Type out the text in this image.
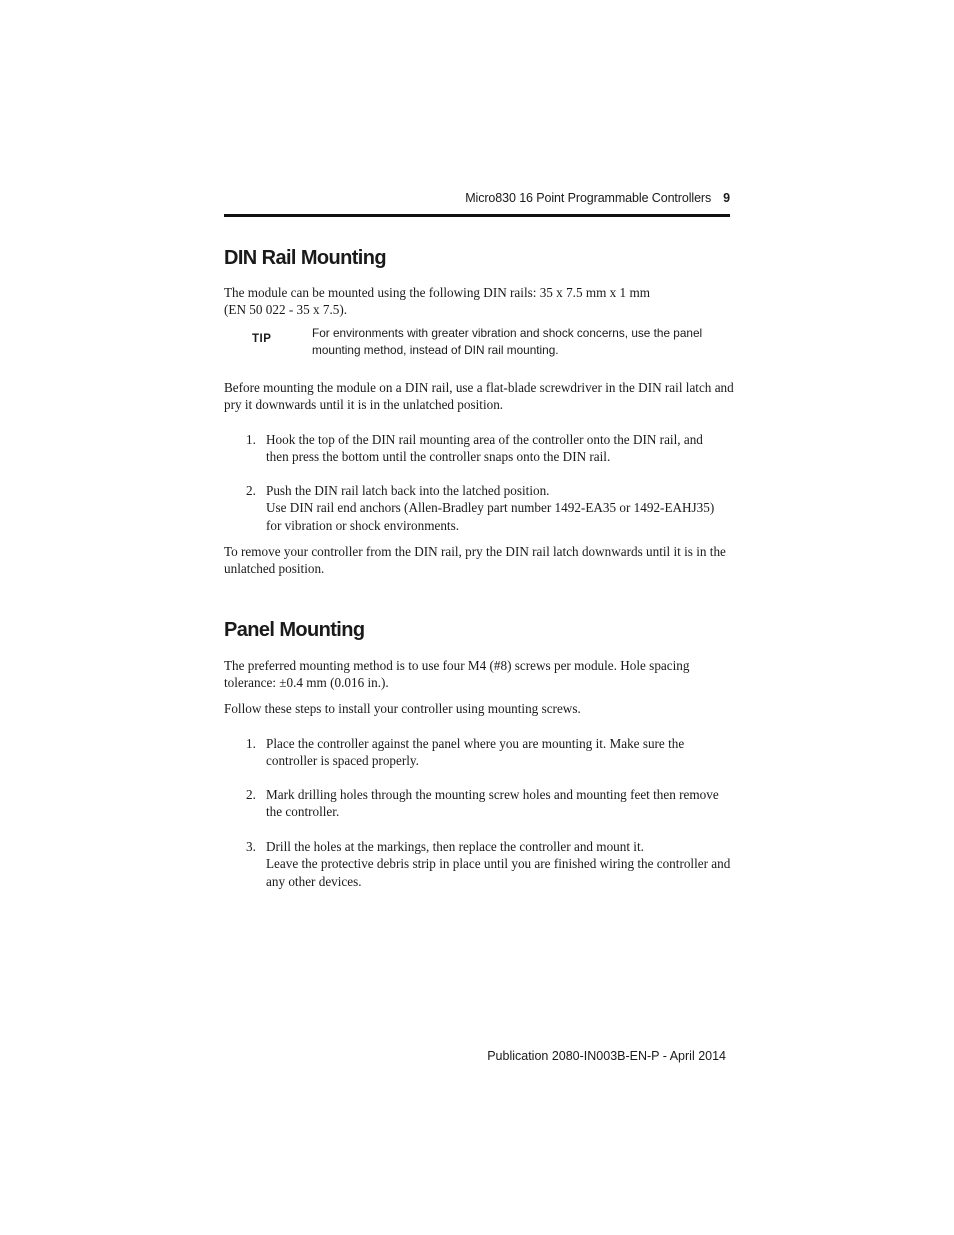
Micro830 16 Point Programmable Controllers 9
DIN Rail Mounting
The module can be mounted using the following DIN rails: 35 x 7.5 mm x 1 mm
(EN 50 022 - 35 x 7.5).
TIP	For environments with greater vibration and shock concerns, use the panel
mounting method, instead of DIN rail mounting.
Before mounting the module on a DIN rail, use a flat-blade screwdriver in the DIN rail latch and
pry it downwards until it is in the unlatched position.
1. Hook the top of the DIN rail mounting area of the controller onto the DIN rail, and
then press the bottom until the controller snaps onto the DIN rail.
2. Push the DIN rail latch back into the latched position.
Use DIN rail end anchors (Allen-Bradley part number 1492-EA35 or 1492-EAHJ35)
for vibration or shock environments.
To remove your controller from the DIN rail, pry the DIN rail latch downwards until it is in the
unlatched position.
Panel Mounting
The preferred mounting method is to use four M4 (#8) screws per module. Hole spacing
tolerance: ±0.4 mm (0.016 in.).
Follow these steps to install your controller using mounting screws.
1. Place the controller against the panel where you are mounting it. Make sure the
controller is spaced properly.
2. Mark drilling holes through the mounting screw holes and mounting feet then remove
the controller.
3. Drill the holes at the markings, then replace the controller and mount it.
Leave the protective debris strip in place until you are finished wiring the controller and
any other devices.
Publication 2080-IN003B-EN-P - April 2014
